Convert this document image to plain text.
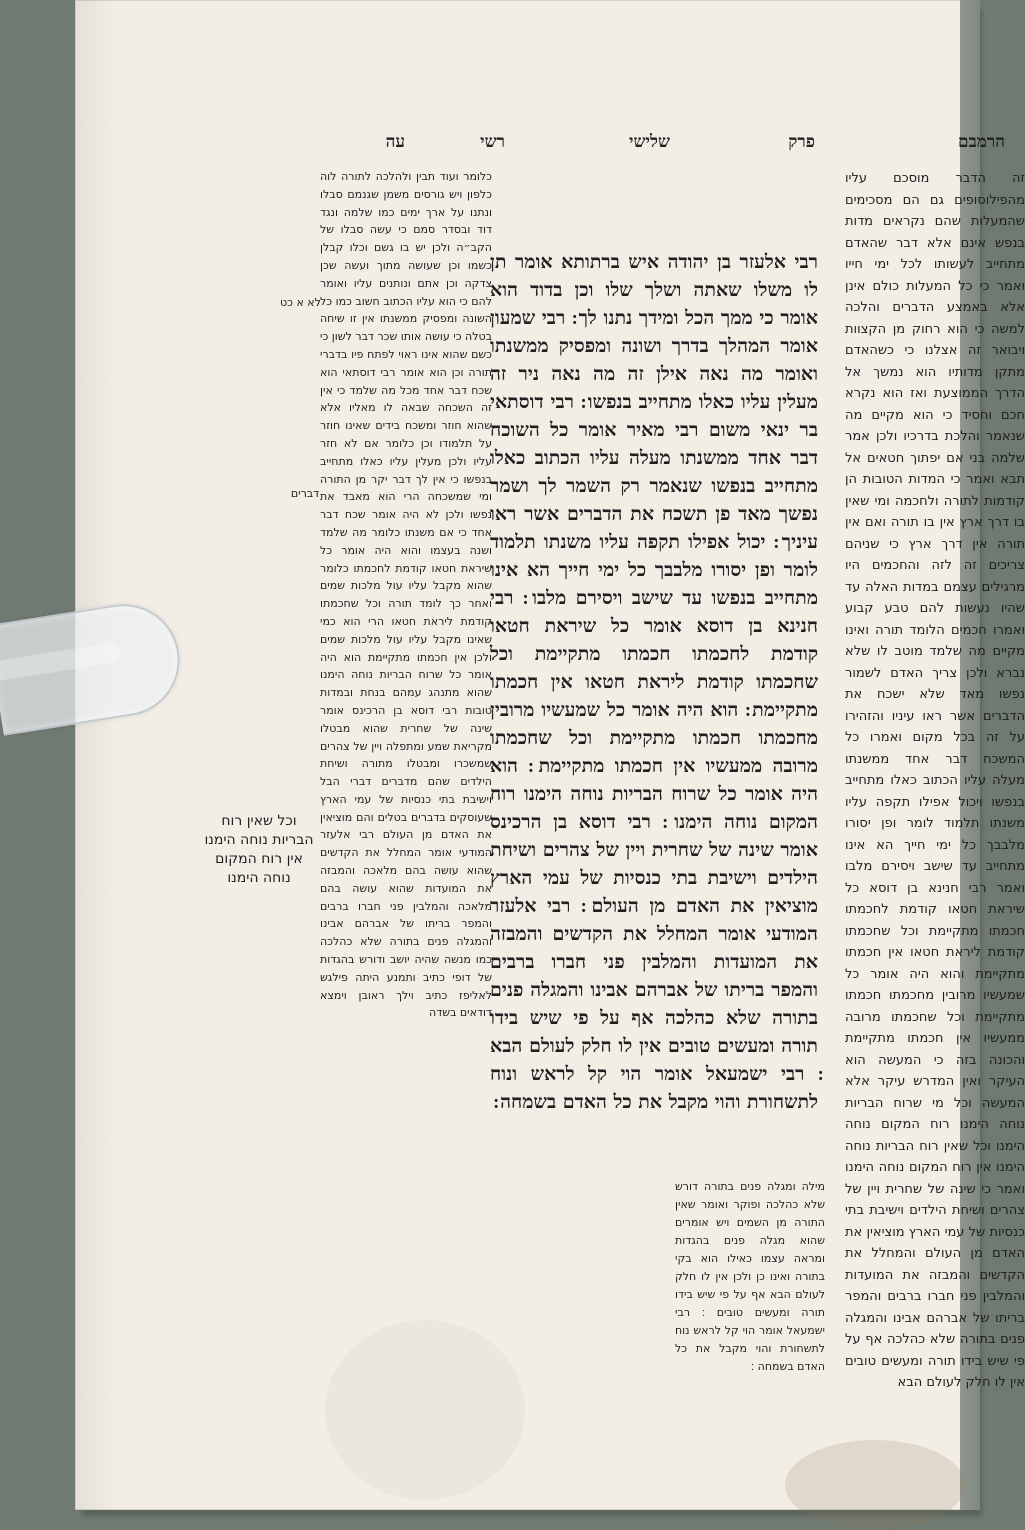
הרמבם
פרק
שלישי
רשי
עה
זה הדבר מוסכם עליו מהפילוסופים גם הם מסכימים שהמעלות שהם נקראים מדות בנפש אינם אלא דבר שהאדם מתחייב לעשותו לכל ימי חייו ואמר כי כל המעלות כולם אינן אלא באמצע הדברים והלכה למשה כי הוא רחוק מן הקצוות ויבואר זה אצלנו כי כשהאדם מתקן מדותיו הוא נמשך אל הדרך הממוצעת ואז הוא נקרא חכם וחסיד כי הוא מקיים מה שנאמר והלכת בדרכיו ולכן אמר שלמה בני אם יפתוך חטאים אל תבא ואמר כי המדות הטובות הן קודמות לתורה ולחכמה ומי שאין בו דרך ארץ אין בו תורה ואם אין תורה אין דרך ארץ כי שניהם צריכים זה לזה והחכמים היו מרגילים עצמם במדות האלה עד שהיו נעשות להם טבע קבוע ואמרו חכמים הלומד תורה ואינו מקיים מה שלמד מוטב לו שלא נברא ולכן צריך האדם לשמור נפשו מאד שלא ישכח את הדברים אשר ראו עיניו והזהירו על זה בכל מקום ואמרו כל המשכח דבר אחד ממשנתו מעלה עליו הכתוב כאלו מתחייב בנפשו ויכול אפילו תקפה עליו משנתו תלמוד לומר ופן יסורו מלבבך כל ימי חייך הא אינו מתחייב עד שישב ויסירם מלבו ואמר רבי חנינא בן דוסא כל שיראת חטאו קודמת לחכמתו חכמתו מתקיימת וכל שחכמתו קודמת ליראת חטאו אין חכמתו מתקיימת והוא היה אומר כל שמעשיו מרובין מחכמתו חכמתו מתקיימת וכל שחכמתו מרובה ממעשיו אין חכמתו מתקיימת והכונה בזה כי המעשה הוא העיקר ואין המדרש עיקר אלא המעשה וכל מי שרוח הבריות נוחה הימנו רוח המקום נוחה הימנו וכל שאין רוח הבריות נוחה הימנו אין רוח המקום נוחה הימנו ואמר כי שינה של שחרית ויין של צהרים ושיחת הילדים וישיבת בתי כנסיות של עמי הארץ מוציאין את האדם מן העולם והמחלל את הקדשים והמבזה את המועדות והמלבין פני חברו ברבים והמפר בריתו של אברהם אבינו והמגלה פנים בתורה שלא כהלכה אף על פי שיש בידו תורה ומעשים טובים אין לו חלק לעולם הבא
רבי אלעזר בן יהודה איש ברתותא אומר תן לו משלו שאתה ושלך שלו וכן בדוד הוא אומר כי ממך הכל ומידך נתנו לך ׃ רבי שמעון אומר המהלך בדרך ושונה ומפסיק ממשנתו ואומר מה נאה אילן זה מה נאה ניר זה מעלין עליו כאלו מתחייב בנפשו ׃ רבי דוסתאי בר ינאי משום רבי מאיר אומר כל השוכח דבר אחד ממשנתו מעלה עליו הכתוב כאלו מתחייב בנפשו שנאמר רק השמר לך ושמר נפשך מאד פן תשכח את הדברים אשר ראו עיניך ׃ יכול אפילו תקפה עליו משנתו תלמוד לומר ופן יסורו מלבבך כל ימי חייך הא אינו מתחייב בנפשו עד שישב ויסירם מלבו ׃ רבי חנינא בן דוסא אומר כל שיראת חטאו קודמת לחכמתו חכמתו מתקיימת וכל שחכמתו קודמת ליראת חטאו אין חכמתו מתקיימת ׃ הוא היה אומר כל שמעשיו מרובין מחכמתו חכמתו מתקיימת וכל שחכמתו מרובה ממעשיו אין חכמתו מתקיימת ׃ הוא היה אומר כל שרוח הבריות נוחה הימנו רוח המקום נוחה הימנו ׃ רבי דוסא בן הרכינס אומר שינה של שחרית ויין של צהרים ושיחת הילדים וישיבת בתי כנסיות של עמי הארץ מוציאין את האדם מן העולם ׃ רבי אלעזר המודעי אומר המחלל את הקדשים והמבזה את המועדות והמלבין פני חברו ברבים והמפר בריתו של אברהם אבינו והמגלה פנים בתורה שלא כהלכה אף על פי שיש בידו תורה ומעשים טובים אין לו חלק לעולם הבא ׃ רבי ישמעאל אומר הוי קל לראש ונוח לתשחורת והוי מקבל את כל האדם בשמחה ׃
כלומר ועוד תבין ולהלכה לתורה לוה כלפון ויש גורסים משמן שגנמם סבלו ונתנו על ארך ימים כמו שלמה ונגד דוד ובסדר סמם כי עשה סבלו של הקב״ה ולכן יש בו גשם וכלו קבלן כשמו וכן שעושה מתוך ועשה שכן צדקה וכן אתם ונותנים עליו ואומר להם כי הוא עליו הכתוב חשוב כמו כל השונה ומפסיק ממשנתו אין זו שיחה בטלה כי עושה אותו שכר דבר לשון כי כשם שהוא אינו ראוי לפתח פיו בדברי תורה וכן הוא אומר רבי דוסתאי הוא שכח דבר אחד מכל מה שלמד כי אין זה השכחה שבאה לו מאליו אלא שהוא חוזר ומשכח בידים שאינו חוזר על תלמודו וכן כלומר אם לא חזר עליו ולכן מעלין עליו כאלו מתחייב בנפשו כי אין לך דבר יקר מן התורה ומי שמשכחה הרי הוא מאבד את נפשו ולכן לא היה אומר שכח דבר אחד כי אם משנתו כלומר מה שלמד ושנה בעצמו והוא היה אומר כל שיראת חטאו קודמת לחכמתו כלומר שהוא מקבל עליו עול מלכות שמים ואחר כך לומד תורה וכל שחכמתו קודמת ליראת חטאו הרי הוא כמי שאינו מקבל עליו עול מלכות שמים ולכן אין חכמתו מתקיימת הוא היה אומר כל שרוח הבריות נוחה הימנו שהוא מתנהג עמהם בנחת ובמדות טובות רבי דוסא בן הרכינס אומר שינה של שחרית שהוא מבטלו מקריאת שמע ומתפלה ויין של צהרים שמשכרו ומבטלו מתורה ושיחת הילדים שהם מדברים דברי הבל וישיבת בתי כנסיות של עמי הארץ שעוסקים בדברים בטלים והם מוציאין את האדם מן העולם רבי אלעזר המודעי אומר המחלל את הקדשים שהוא עושה בהם מלאכה והמבזה את המועדות שהוא עושה בהם מלאכה והמלבין פני חברו ברבים והמפר בריתו של אברהם אבינו והמגלה פנים בתורה שלא כהלכה כמו מנשה שהיה יושב ודורש בהגדות של דופי כתיב ותמנע היתה פילגש לאליפז כתיב וילך ראובן וימצא דודאים בשדה
מילה ומגלה פנים בתורה דורש שלא כהלכה ופוקר ואומר שאין התורה מן השמים ויש אומרים שהוא מגלה פנים בהגדות ומראה עצמו כאילו הוא בקי בתורה ואינו כן ולכן אין לו חלק לעולם הבא אף על פי שיש בידו תורה ומעשים טובים ׃ רבי ישמעאל אומר הוי קל לראש נוח לתשחורת והוי מקבל את כל האדם בשמחה ׃
לא א כט
דברים
וכל שאין רוח הבריות נוחה הימנו אין רוח המקום נוחה הימנו
